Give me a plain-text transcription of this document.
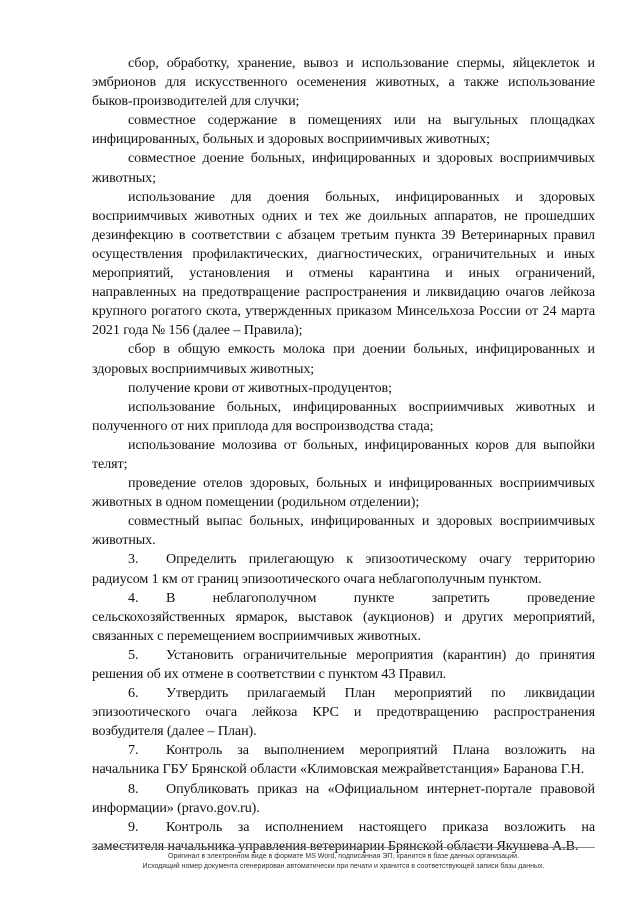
сбор, обработку, хранение, вывоз и использование спермы, яйцеклеток и эмбрионов для искусственного осеменения животных, а также использование быков-производителей для случки;

совместное содержание в помещениях или на выгульных площадках инфицированных, больных и здоровых восприимчивых животных;

совместное доение больных, инфицированных и здоровых восприимчивых животных;

использование для доения больных, инфицированных и здоровых восприимчивых животных одних и тех же доильных аппаратов, не прошедших дезинфекцию в соответствии с абзацем третьим пункта 39 Ветеринарных правил осуществления профилактических, диагностических, ограничительных и иных мероприятий, установления и отмены карантина и иных ограничений, направленных на предотвращение распространения и ликвидацию очагов лейкоза крупного рогатого скота, утвержденных приказом Минсельхоза России от 24 марта 2021 года № 156 (далее – Правила);

сбор в общую емкость молока при доении больных, инфицированных и здоровых восприимчивых животных;

получение крови от животных-продуцентов;

использование больных, инфицированных восприимчивых животных и полученного от них приплода для воспроизводства стада;

использование молозива от больных, инфицированных коров для выпойки телят;

проведение отелов здоровых, больных и инфицированных восприимчивых животных в одном помещении (родильном отделении);

совместный выпас больных, инфицированных и здоровых восприимчивых животных.

3. Определить прилегающую к эпизоотическому очагу территорию радиусом 1 км от границ эпизоотического очага неблагополучным пунктом.

4. В неблагополучном пункте запретить проведение сельскохозяйственных ярмарок, выставок (аукционов) и других мероприятий, связанных с перемещением восприимчивых животных.

5. Установить ограничительные мероприятия (карантин) до принятия решения об их отмене в соответствии с пунктом 43 Правил.

6. Утвердить прилагаемый План мероприятий по ликвидации эпизоотического очага лейкоза КРС и предотвращению распространения возбудителя (далее – План).

7. Контроль за выполнением мероприятий Плана возложить на начальника ГБУ Брянской области «Климовская межрайветстанция» Баранова Г.Н.

8. Опубликовать приказ на «Официальном интернет-портале правовой информации» (pravo.gov.ru).

9. Контроль за исполнением настоящего приказа возложить на заместителя начальника управления ветеринарии Брянской области Якушева А.В.

Оригинал в электронном виде в формате MS Word, подписанная ЭП, хранится в базе данных организации.
Исходящий номер документа сгенерирован автоматически при печати и хранится в соответствующей записи базы данных.
